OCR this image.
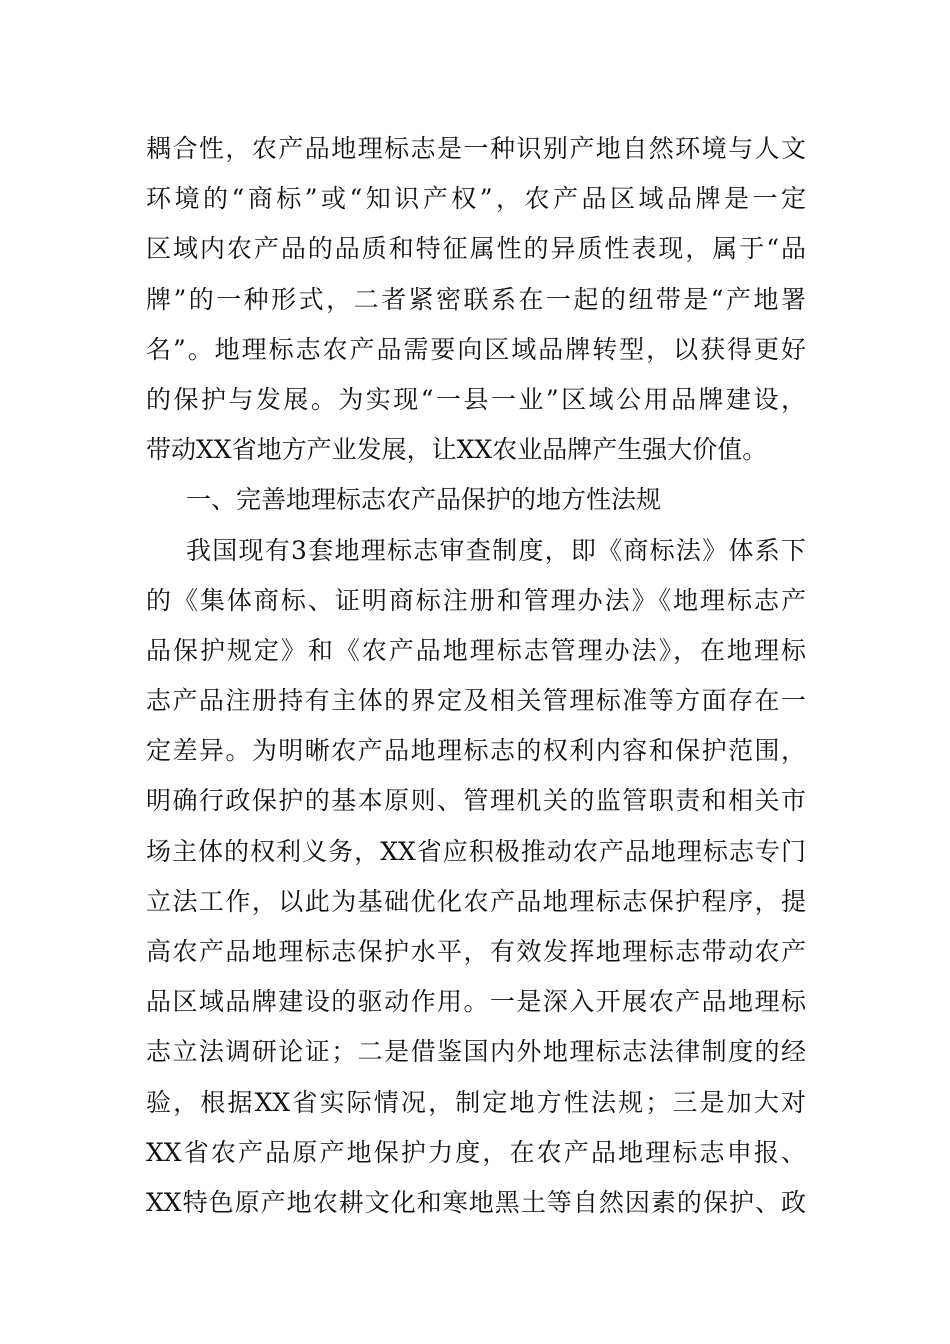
耦合性，农产品地理标志是一种识别产地自然环境与人文
环境的“商标”或“知识产权”，农产品区域品牌是一定
区域内农产品的品质和特征属性的异质性表现，属于“品
牌”的一种形式，二者紧密联系在一起的纽带是“产地署
名”。地理标志农产品需要向区域品牌转型，以获得更好
的保护与发展。为实现“一县一业”区域公用品牌建设，
带动XX省地方产业发展，让XX农业品牌产生强大价值。
一、完善地理标志农产品保护的地方性法规
我国现有3套地理标志审查制度，即《商标法》体系下
的《集体商标、证明商标注册和管理办法》《地理标志产
品保护规定》和《农产品地理标志管理办法》，在地理标
志产品注册持有主体的界定及相关管理标准等方面存在一
定差异。为明晰农产品地理标志的权利内容和保护范围，
明确行政保护的基本原则、管理机关的监管职责和相关市
场主体的权利义务，XX省应积极推动农产品地理标志专门
立法工作，以此为基础优化农产品地理标志保护程序，提
高农产品地理标志保护水平，有效发挥地理标志带动农产
品区域品牌建设的驱动作用。一是深入开展农产品地理标
志立法调研论证；二是借鉴国内外地理标志法律制度的经
验，根据XX省实际情况，制定地方性法规；三是加大对
XX省农产品原产地保护力度，在农产品地理标志申报、
XX特色原产地农耕文化和寒地黑土等自然因素的保护、政
